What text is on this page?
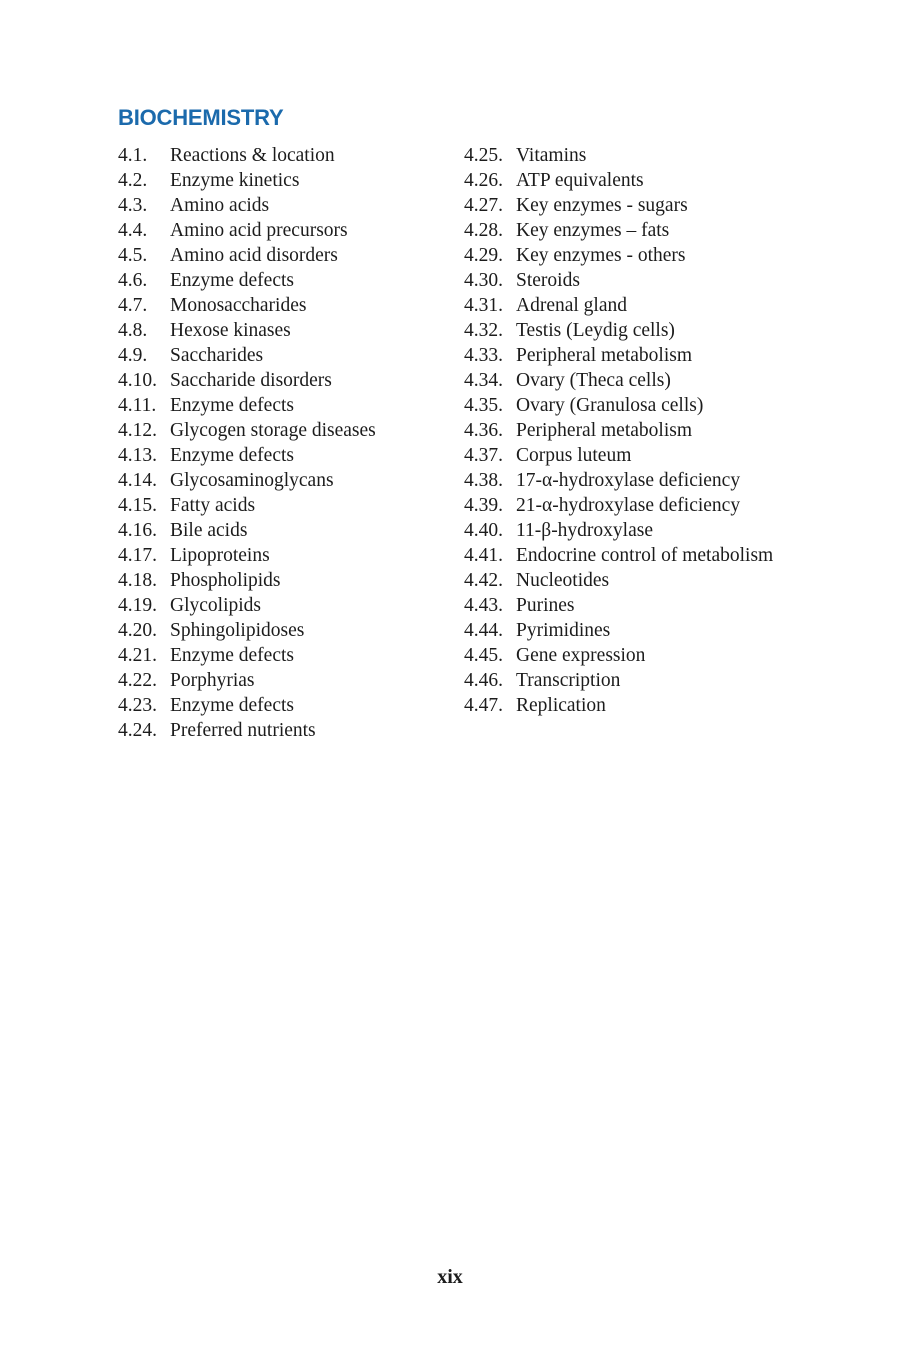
BIOCHEMISTRY
4.1.	Reactions & location
4.2.	Enzyme kinetics
4.3.	Amino acids
4.4.	Amino acid precursors
4.5.	Amino acid disorders
4.6.	Enzyme defects
4.7.	Monosaccharides
4.8.	Hexose kinases
4.9.	Saccharides
4.10. Saccharide disorders
4.11. Enzyme defects
4.12. Glycogen storage diseases
4.13. Enzyme defects
4.14. Glycosaminoglycans
4.15. Fatty acids
4.16. Bile acids
4.17. Lipoproteins
4.18. Phospholipids
4.19. Glycolipids
4.20. Sphingolipidoses
4.21. Enzyme defects
4.22. Porphyrias
4.23. Enzyme defects
4.24. Preferred nutrients
4.25. Vitamins
4.26. ATP equivalents
4.27. Key enzymes - sugars
4.28. Key enzymes – fats
4.29. Key enzymes - others
4.30. Steroids
4.31. Adrenal gland
4.32. Testis (Leydig cells)
4.33. Peripheral metabolism
4.34. Ovary (Theca cells)
4.35. Ovary (Granulosa cells)
4.36. Peripheral metabolism
4.37. Corpus luteum
4.38. 17-α-hydroxylase deficiency
4.39. 21-α-hydroxylase deficiency
4.40. 11-β-hydroxylase
4.41. Endocrine control of metabolism
4.42. Nucleotides
4.43. Purines
4.44. Pyrimidines
4.45. Gene expression
4.46. Transcription
4.47. Replication
xix
